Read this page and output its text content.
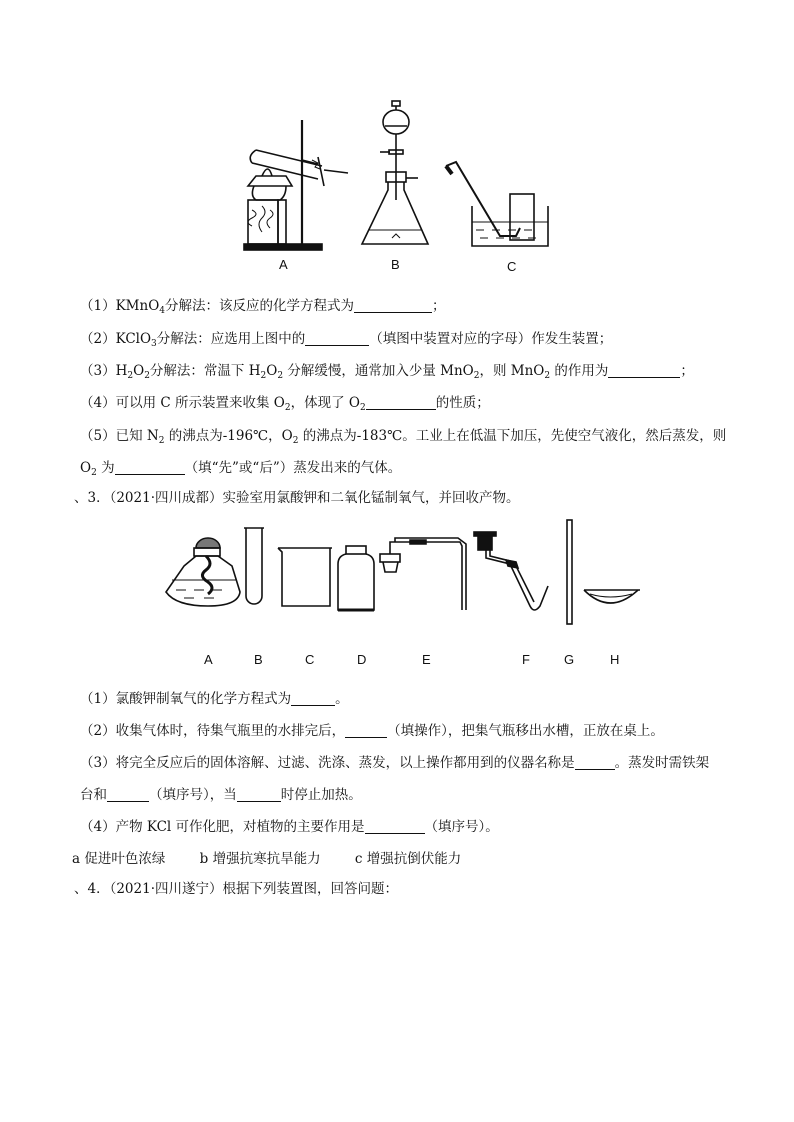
A	B	C
（1）KMnO$_4$分解法：该反应的化学方程式为	；
（2）KClO$_3$分解法：应选用上图中的	（填图中装置对应的字母）作发生装置；
$(3)H_2O_2$分解法：常温下 $H_2O_2$ 分解缓慢，通常加入少量 MnO$_2$，则 MnO$_2$ 的作用为	；
（4）可以用 C 所示装置来收集 $O_2$，体现了 $O_2$	的性质；
（5）已知 $N_2$ 的沸点为-196℃，$O_2$ 的沸点为-183℃。工业上在低温下加压，先使空气液化，然后蒸发，则
$O_2$ 为	（填“先”或“后”）蒸发出来的气体。
、3．（2021·四川成都）实验室用氯酸钾和二氧化锰制氧气，并回收产物。
A	B	C	D	E	F	G	H
（1）氯酸钾制氧气的化学方程式为	。
（2）收集气体时，待集气瓶里的水排完后，	（填操作），把集气瓶移出水槽，正放在桌上。
（3）将完全反应后的固体溶解、过滤、洗涤、蒸发，以上操作都用到的仪器名称是	。蒸发时需铁架
台和	（填序号），当	时停止加热。
（4）产物 KCl 可作化肥，对植物的主要作用是	（填序号）。
a 促进叶色浓绿	b 增强抗寒抗旱能力	c 增强抗倒伏能力
、4．（2021·四川遂宁）根据下列装置图，回答问题：
